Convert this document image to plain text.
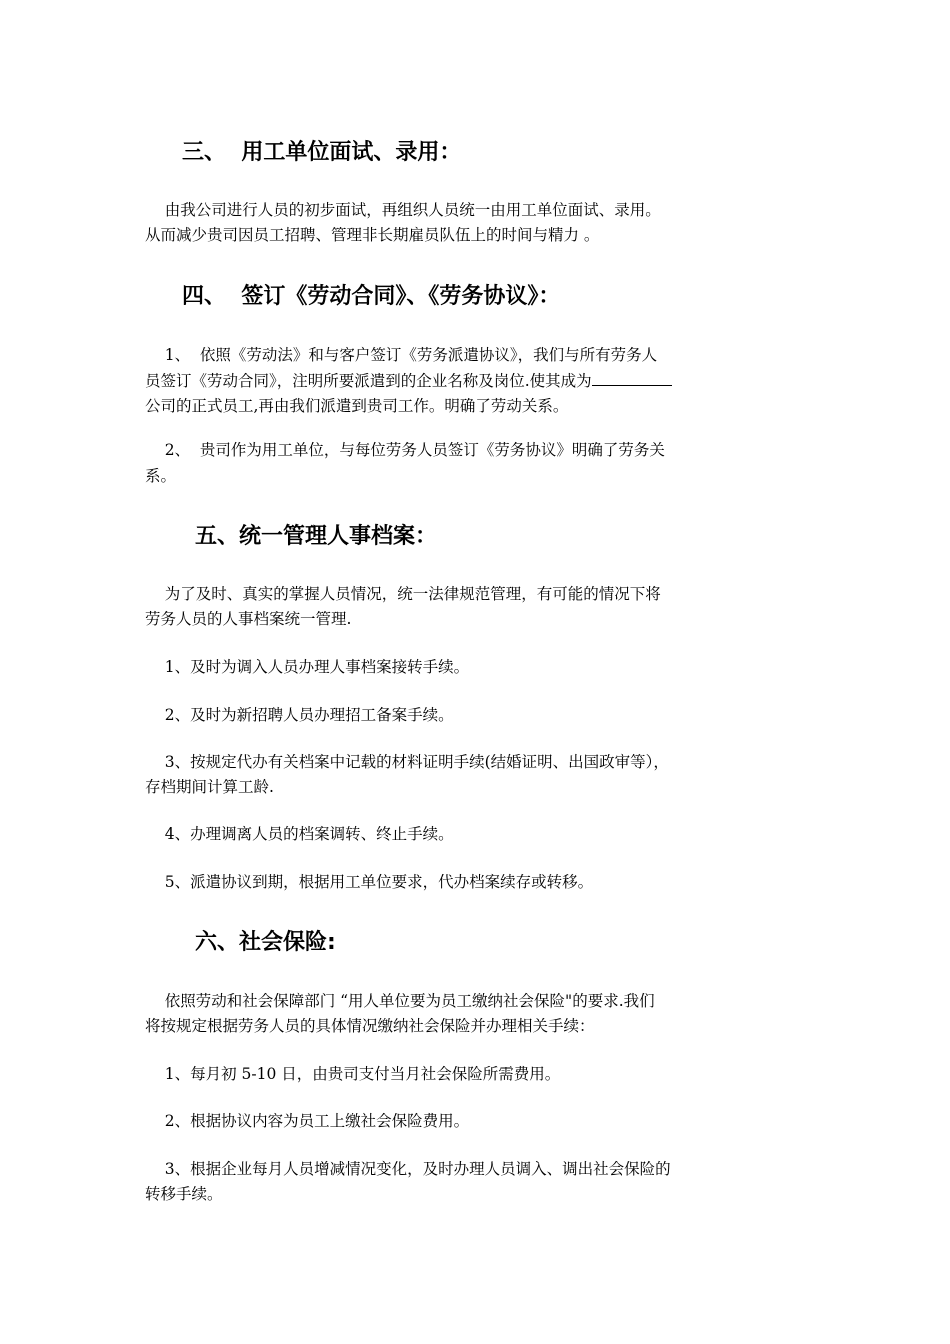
三、  用工单位面试、录用：
由我公司进行人员的初步面试，再组织人员统一由用工单位面试、录用。
从而减少贵司因员工招聘、管理非长期雇员队伍上的时间与精力 。
四、  签订《劳动合同》、《劳务协议》：
1、  依照《劳动法》和与客户签订《劳务派遣协议》，我们与所有劳务人
员签订《劳动合同》，注明所要派遣到的企业名称及岗位.使其成为
公司的正式员工,再由我们派遣到贵司工作。明确了劳动关系。
2、  贵司作为用工单位，与每位劳务人员签订《劳务协议》明确了劳务关
系。
五、统一管理人事档案：
为了及时、真实的掌握人员情况，统一法律规范管理，有可能的情况下将
劳务人员的人事档案统一管理.
1、及时为调入人员办理人事档案接转手续。
2、及时为新招聘人员办理招工备案手续。
3、按规定代办有关档案中记载的材料证明手续(结婚证明、出国政审等），
存档期间计算工龄.
4、办理调离人员的档案调转、终止手续。
5、派遣协议到期，根据用工单位要求，代办档案续存或转移。
六、社会保险:
依照劳动和社会保障部门 “用人单位要为员工缴纳社会保险"的要求.我们
将按规定根据劳务人员的具体情况缴纳社会保险并办理相关手续：
1、每月初 5-10 日，由贵司支付当月社会保险所需费用。
2、根据协议内容为员工上缴社会保险费用。
3、根据企业每月人员增减情况变化，及时办理人员调入、调出社会保险的
转移手续。
